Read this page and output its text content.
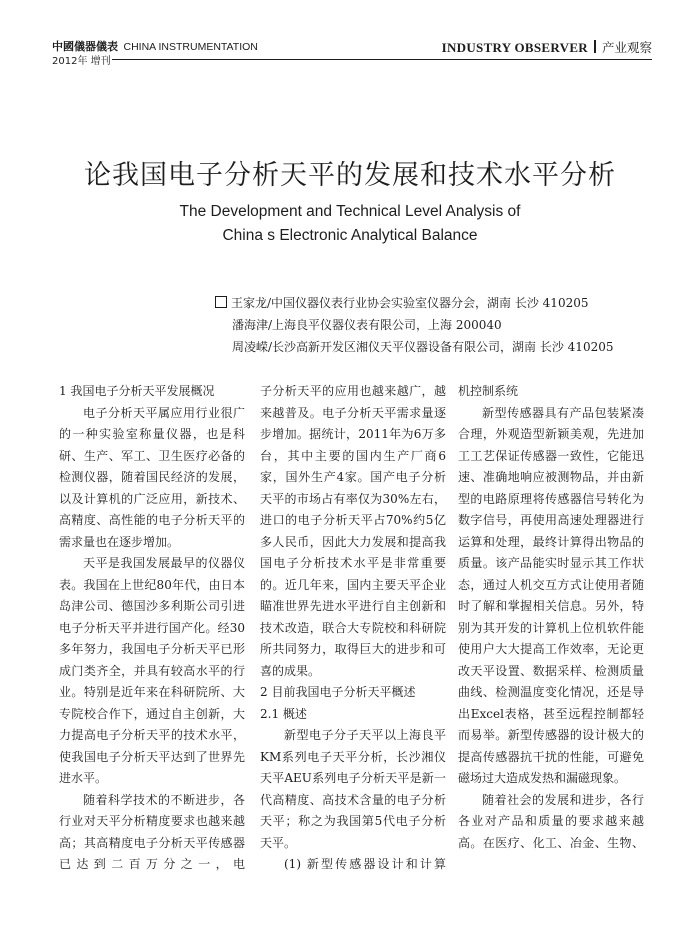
中國儀器儀表 CHINA INSTRUMENTATION
2012年 增刊
INDUSTRY OBSERVER 产业观察
论我国电子分析天平的发展和技术水平分析
The Development and Technical Level Analysis of
China s Electronic Analytical Balance
王家龙/中国仪器仪表行业协会实验室仪器分会，湖南 长沙 410205
潘海津/上海良平仪器仪表有限公司，上海 200040
周凌嵘/长沙高新开发区湘仪天平仪器设备有限公司，湖南 长沙 410205
1 我国电子分析天平发展概况

电子分析天平属应用行业很广的一种实验室称量仪器，也是科研、生产、军工、卫生医疗必备的检测仪器，随着国民经济的发展，以及计算机的广泛应用，新技术、高精度、高性能的电子分析天平的需求量也在逐步增加。

天平是我国发展最早的仪器仪表。我国在上世纪80年代，由日本岛津公司、德国沙多利斯公司引进电子分析天平并进行国产化。经30多年努力，我国电子分析天平已形成门类齐全，并具有较高水平的行业。特别是近年来在科研院所、大专院校合作下，通过自主创新，大力提高电子分析天平的技术水平，使我国电子分析天平达到了世界先进水平。

随着科学技术的不断进步，各行业对天平分析精度要求也越来越高；其高精度电子分析天平传感器已达到二百万分之一，电

子分析天平的应用也越来越广，越来越普及。电子分析天平需求量逐步增加。据统计，2011年为6万多台，其中主要的国内生产厂商6家，国外生产4家。国产电子分析天平的市场占有率仅为30%左右，进口的电子分析天平占70%约5亿多人民币，因此大力发展和提高我国电子分析技术水平是非常重要的。近几年来，国内主要天平企业瞄准世界先进水平进行自主创新和技术改造，联合大专院校和科研院所共同努力，取得巨大的进步和可喜的成果。

2 目前我国电子分析天平概述
2.1 概述

新型电子分子天平以上海良平KM系列电子天平分析，长沙湘仪天平AEU系列电子分析天平是新一代高精度、高技术含量的电子分析天平；称之为我国第5代电子分析天平。

(1) 新型传感器设计和计算

机控制系统

新型传感器具有产品包装紧凑合理，外观造型新颖美观，先进加工工艺保证传感器一致性，它能迅速、准确地响应被测物品，并由新型的电路原理将传感器信号转化为数字信号，再使用高速处理器进行运算和处理，最终计算得出物品的质量。该产品能实时显示其工作状态，通过人机交互方式让使用者随时了解和掌握相关信息。另外，特别为其开发的计算机上位机软件能使用户大大提高工作效率，无论更改天平设置、数据采样、检测质量曲线、检测温度变化情况，还是导出Excel表格，甚至远程控制都轻而易举。新型传感器的设计极大的提高传感器抗干扰的性能，可避免磁场过大造成发热和漏磁现象。

随着社会的发展和进步，各行各业对产品和质量的要求越来越高。在医疗、化工、冶金、生物、
